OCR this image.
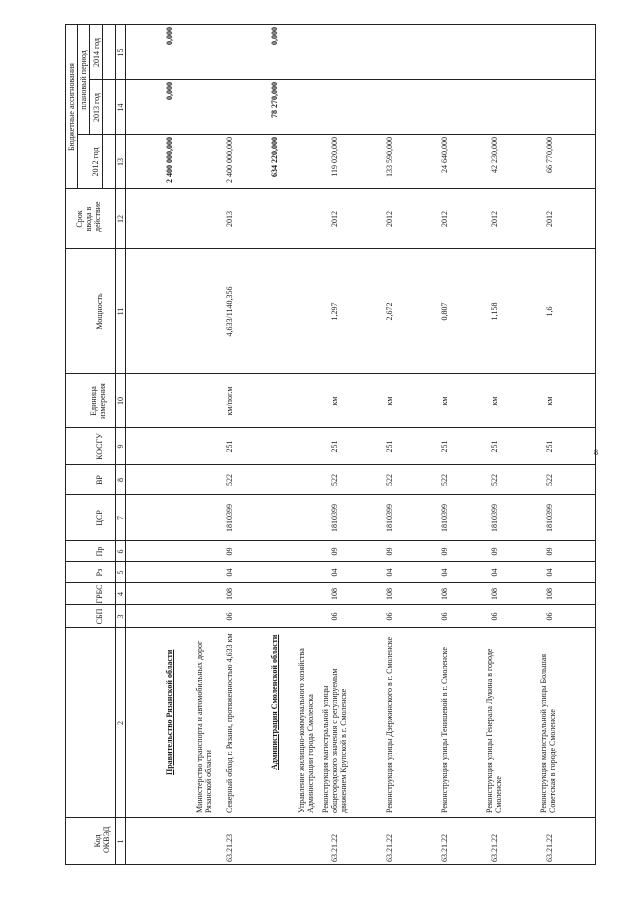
Код ОКВЭД
СБП
ГРБС
Рз
Пр
ЦСР
ВР
КОСГУ
Единица измерения
Мощность
Срок ввода в действие
Бюджетные ассигнования плановый период
2012 год
2013 год
2014 год
1
2
3
4
5
6
7
8
9
10
11
12
13
14
15
Правительство Рязанской области
2 400 000,000
0,000
0,000
Министерство транспорта и автомобильных дорог Рязанской области
63.21.23
Северный обход г. Рязани, протяженностью 4,633 км
06
108
04
09
1810399
522
251
км/пог.м
4,633/1140,356
2013
2 400 000,000
Администрация Смоленской области
634 220,000
78 270,000
0,000
Управление жилищно-коммунального хозяйства Администрации города Смоленска
63.21.22
Реконструкция магистральной улицы общегородского значения с регулируемым движением Крупской в г. Смоленске
06
108
04
09
1810399
522
251
км
1,297
2012
119 020,000
63.21.22
Реконструкция улицы Дзержинского в г. Смоленске
06
108
04
09
1810399
522
251
км
2,672
2012
133 590,000
63.21.22
Реконструкция улицы Тенишевой в г. Смоленске
06
108
04
09
1810399
522
251
км
0,807
2012
24 640,000
63.21.22
Реконструкция улицы Генерала Лукина в городе Смоленске
06
108
04
09
1810399
522
251
км
1,158
2012
42 230,000
63.21.22
Реконструкция магистральной улицы Большая Советская в городе Смоленске
06
108
04
09
1810399
522
251
км
1,6
2012
66 770,000
8
